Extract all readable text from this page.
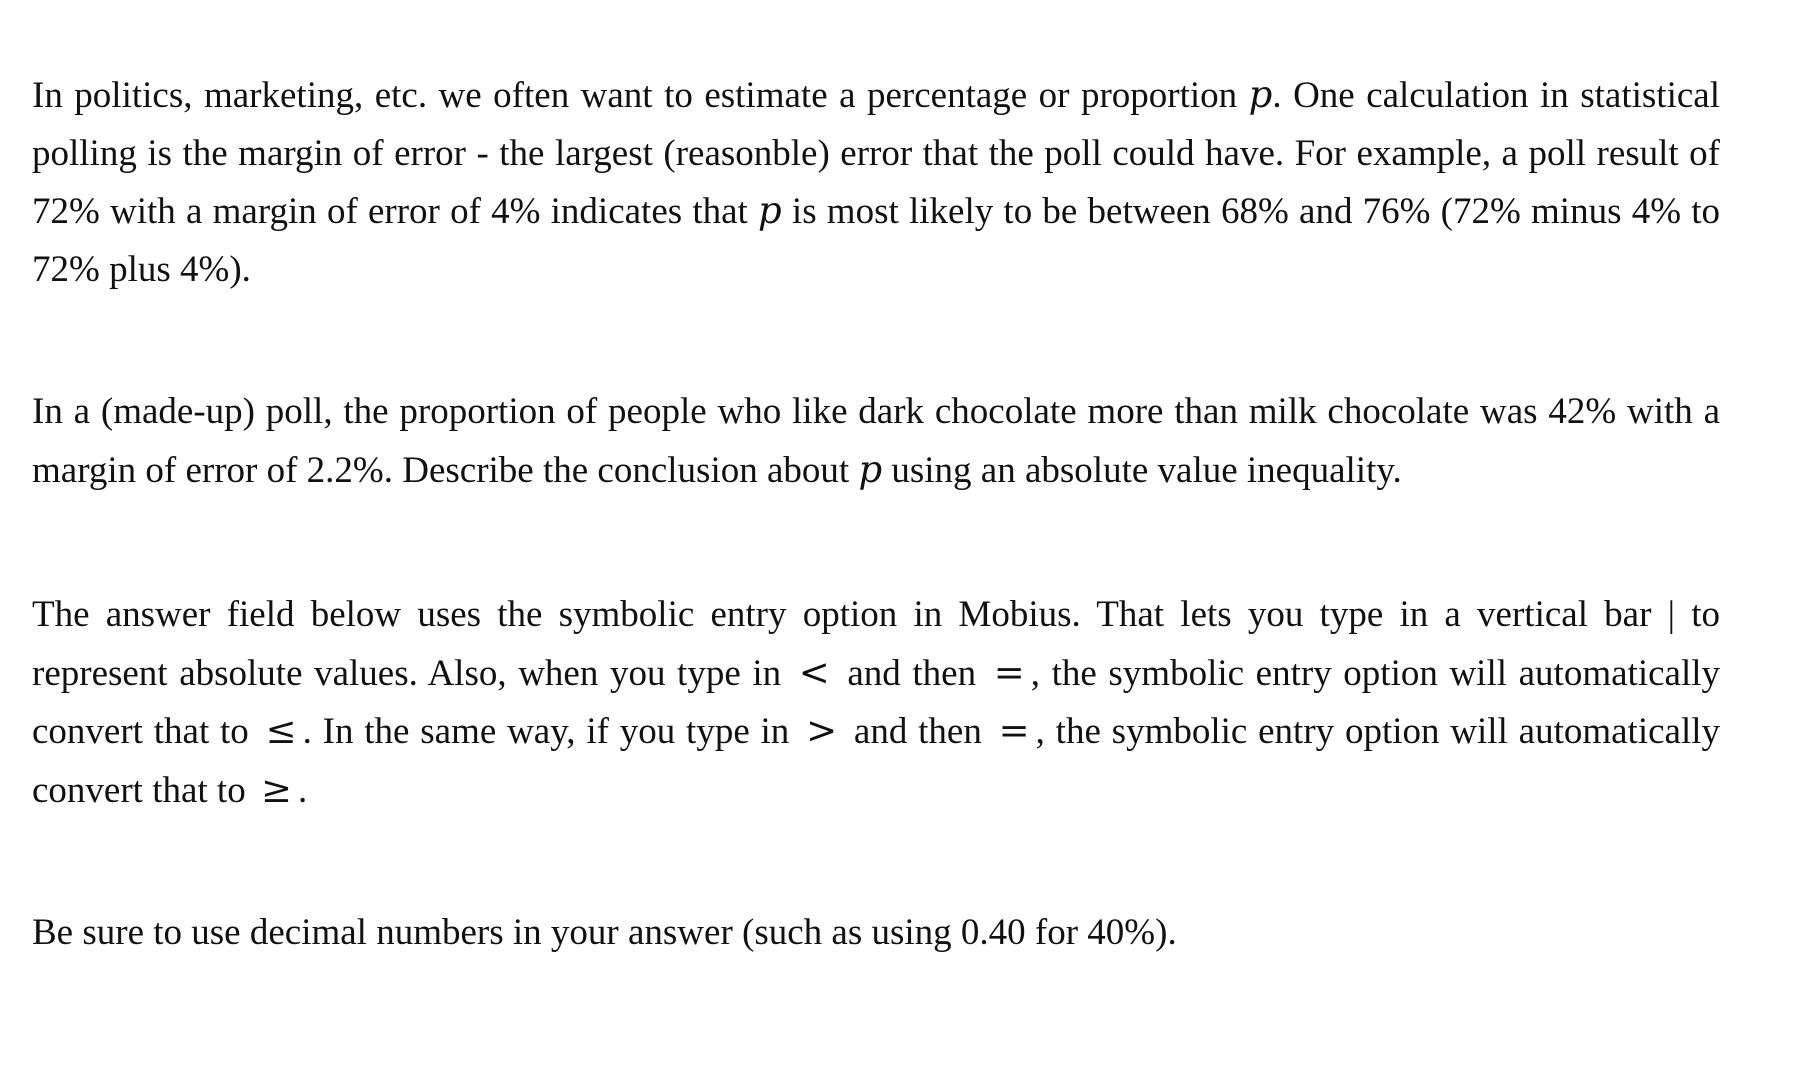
In politics, marketing, etc. we often want to estimate a percentage or proportion p. One calculation in statistical polling is the margin of error - the largest (reasonble) error that the poll could have. For example, a poll result of 72% with a margin of error of 4% indicates that p is most likely to be between 68% and 76% (72% minus 4% to 72% plus 4%).

In a (made-up) poll, the proportion of people who like dark chocolate more than milk chocolate was 42% with a margin of error of 2.2%. Describe the conclusion about p using an absolute value inequality.

The answer field below uses the symbolic entry option in Mobius. That lets you type in a vertical bar | to represent absolute values. Also, when you type in < and then = , the symbolic entry option will automatically convert that to ≤ . In the same way, if you type in > and then = , the symbolic entry option will automatically convert that to ≥ .

Be sure to use decimal numbers in your answer (such as using 0.40 for 40%).
